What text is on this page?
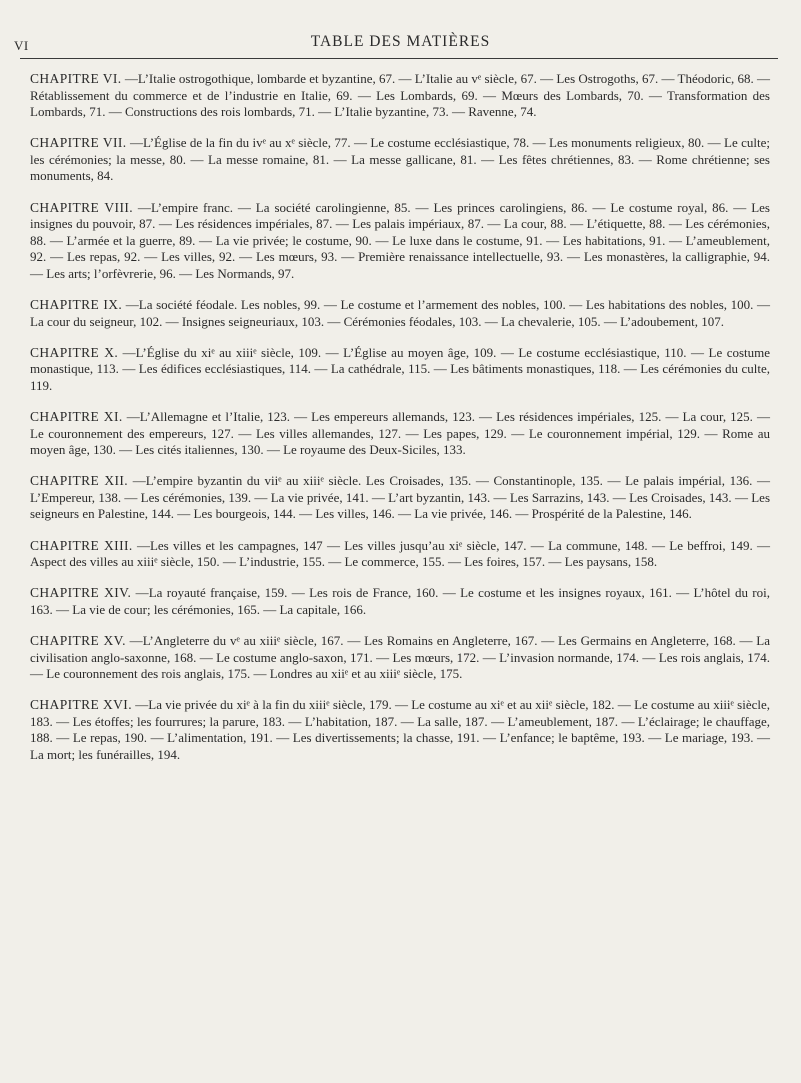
VI	TABLE DES MATIÈRES

CHAPITRE VI. — L’Italie ostrogothique, lombarde et byzantine, 67. — L’Italie au vᵉ siècle, 67. — Les Ostrogoths, 67. — Théodoric, 68. — Rétablissement du commerce et de l’industrie en Italie, 69. — Les Lombards, 69. — Mœurs des Lombards, 70. — Transformation des Lombards, 71. — Constructions des rois lombards, 71. — L’Italie byzantine, 73. — Ravenne, 74.

CHAPITRE VII. — L’Église de la fin du ivᵉ au xᵉ siècle, 77. — Le costume ecclésiastique, 78. — Les monuments religieux, 80. — Le culte; les cérémonies; la messe, 80. — La messe romaine, 81. — La messe gallicane, 81. — Les fêtes chrétiennes, 83. — Rome chrétienne; ses monuments, 84.

CHAPITRE VIII. — L’empire franc. — La société carolingienne, 85. — Les princes carolingiens, 86. — Le costume royal, 86. — Les insignes du pouvoir, 87. — Les résidences impériales, 87. — Les palais impériaux, 87. — La cour, 88. — L’étiquette, 88. — Les cérémonies, 88. — L’armée et la guerre, 89. — La vie privée; le costume, 90. — Le luxe dans le costume, 91. — Les habitations, 91. — L’ameublement, 92. — Les repas, 92. — Les villes, 92. — Les mœurs, 93. — Première renaissance intellectuelle, 93. — Les monastères, la calligraphie, 94. — Les arts; l’orfèvrerie, 96. — Les Normands, 97.

CHAPITRE IX. — La société féodale. Les nobles, 99. — Le costume et l’armement des nobles, 100. — Les habitations des nobles, 100. — La cour du seigneur, 102. — Insignes seigneuriaux, 103. — Cérémonies féodales, 103. — La chevalerie, 105. — L’adoubement, 107.

CHAPITRE X. — L’Église du xiᵉ au xiiiᵉ siècle, 109. — L’Église au moyen âge, 109. — Le costume ecclésiastique, 110. — Le costume monastique, 113. — Les édifices ecclésiastiques, 114. — La cathédrale, 115. — Les bâtiments monastiques, 118. — Les cérémonies du culte, 119.

CHAPITRE XI. — L’Allemagne et l’Italie, 123. — Les empereurs allemands, 123. — Les résidences impériales, 125. — La cour, 125. — Le couronnement des empereurs, 127. — Les villes allemandes, 127. — Les papes, 129. — Le couronnement impérial, 129. — Rome au moyen âge, 130. — Les cités italiennes, 130. — Le royaume des Deux-Siciles, 133.

CHAPITRE XII. — L’empire byzantin du viiᵉ au xiiiᵉ siècle. Les Croisades, 135. — Constantinople, 135. — Le palais impérial, 136. — L’Empereur, 138. — Les cérémonies, 139. — La vie privée, 141. — L’art byzantin, 143. — Les Sarrazins, 143. — Les Croisades, 143. — Les seigneurs en Palestine, 144. — Les bourgeois, 144. — Les villes, 146. — La vie privée, 146. — Prospérité de la Palestine, 146.

CHAPITRE XIII. — Les villes et les campagnes, 147 — Les villes jusqu’au xiᵉ siècle, 147. — La commune, 148. — Le beffroi, 149. — Aspect des villes au xiiiᵉ siècle, 150. — L’industrie, 155. — Le commerce, 155. — Les foires, 157. — Les paysans, 158.

CHAPITRE XIV. — La royauté française, 159. — Les rois de France, 160. — Le costume et les insignes royaux, 161. — L’hôtel du roi, 163. — La vie de cour; les cérémonies, 165. — La capitale, 166.

CHAPITRE XV. — L’Angleterre du vᵉ au xiiiᵉ siècle, 167. — Les Romains en Angleterre, 167. — Les Germains en Angleterre, 168. — La civilisation anglo-saxonne, 168. — Le costume anglo-saxon, 171. — Les mœurs, 172. — L’invasion normande, 174. — Les rois anglais, 174. — Le couronnement des rois anglais, 175. — Londres au xiiᵉ et au xiiiᵉ siècle, 175.

CHAPITRE XVI. — La vie privée du xiᵉ à la fin du xiiiᵉ siècle, 179. — Le costume au xiᵉ et au xiiᵉ siècle, 182. — Le costume au xiiiᵉ siècle, 183. — Les étoffes; les fourrures; la parure, 183. — L’habitation, 187. — La salle, 187. — L’ameublement, 187. — L’éclairage; le chauffage, 188. — Le repas, 190. — L’alimentation, 191. — Les divertissements; la chasse, 191. — L’enfance; le baptême, 193. — Le mariage, 193. — La mort; les funérailles, 194.
